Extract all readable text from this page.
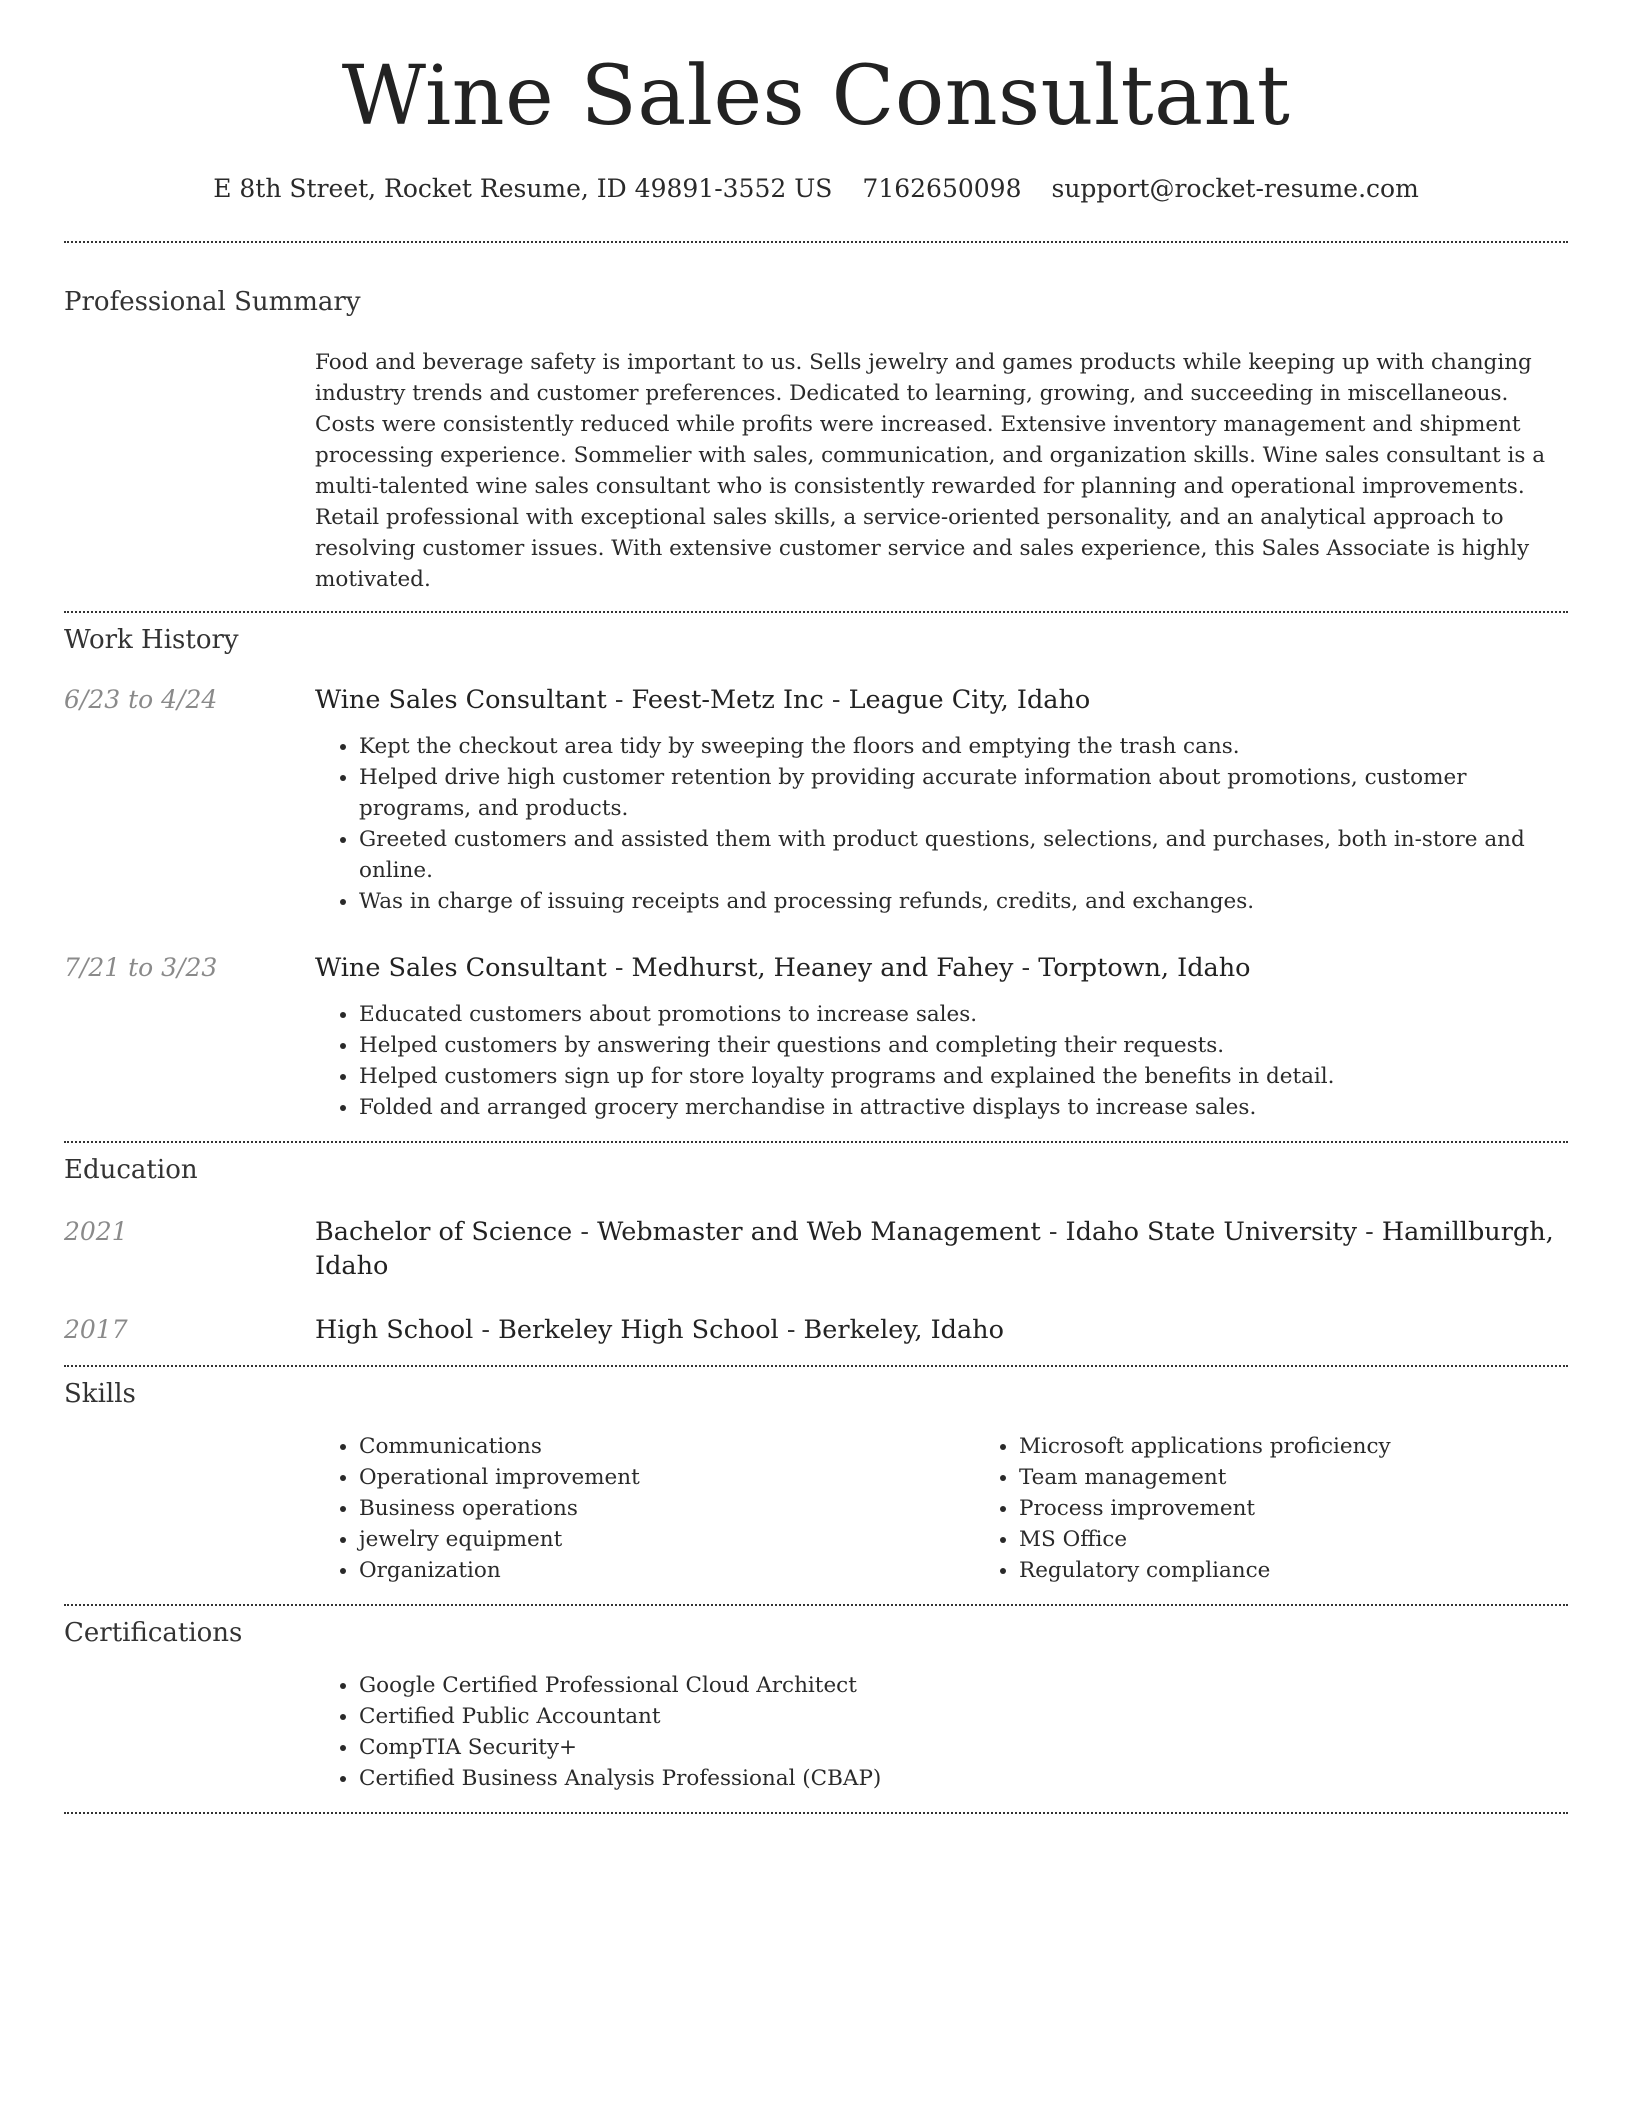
Wine Sales Consultant
E 8th Street, Rocket Resume, ID 49891-3552 US 7162650098 support@rocket-resume.com
Professional Summary

Food and beverage safety is important to us. Sells jewelry and games products while keeping up with changing industry trends and customer preferences. Dedicated to learning, growing, and succeeding in miscellaneous. Costs were consistently reduced while profits were increased. Extensive inventory management and shipment processing experience. Sommelier with sales, communication, and organization skills. Wine sales consultant is a multi-talented wine sales consultant who is consistently rewarded for planning and operational improvements. Retail professional with exceptional sales skills, a service-oriented personality, and an analytical approach to resolving customer issues. With extensive customer service and sales experience, this Sales Associate is highly motivated.

Work History
6/23 to 4/24	Wine Sales Consultant - Feest-Metz Inc - League City, Idaho
• Kept the checkout area tidy by sweeping the floors and emptying the trash cans.
• Helped drive high customer retention by providing accurate information about promotions, customer programs, and products.
• Greeted customers and assisted them with product questions, selections, and purchases, both in-store and online.
• Was in charge of issuing receipts and processing refunds, credits, and exchanges.
7/21 to 3/23	Wine Sales Consultant - Medhurst, Heaney and Fahey - Torptown, Idaho
• Educated customers about promotions to increase sales.
• Helped customers by answering their questions and completing their requests.
• Helped customers sign up for store loyalty programs and explained the benefits in detail.
• Folded and arranged grocery merchandise in attractive displays to increase sales.
Education
2021	Bachelor of Science - Webmaster and Web Management - Idaho State University - Hamillburgh, Idaho
2017	High School - Berkeley High School - Berkeley, Idaho
Skills
• Communications
• Operational improvement
• Business operations
• jewelry equipment
• Organization
• Microsoft applications proficiency
• Team management
• Process improvement
• MS Office
• Regulatory compliance
Certifications
• Google Certified Professional Cloud Architect
• Certified Public Accountant
• CompTIA Security+
• Certified Business Analysis Professional (CBAP)
